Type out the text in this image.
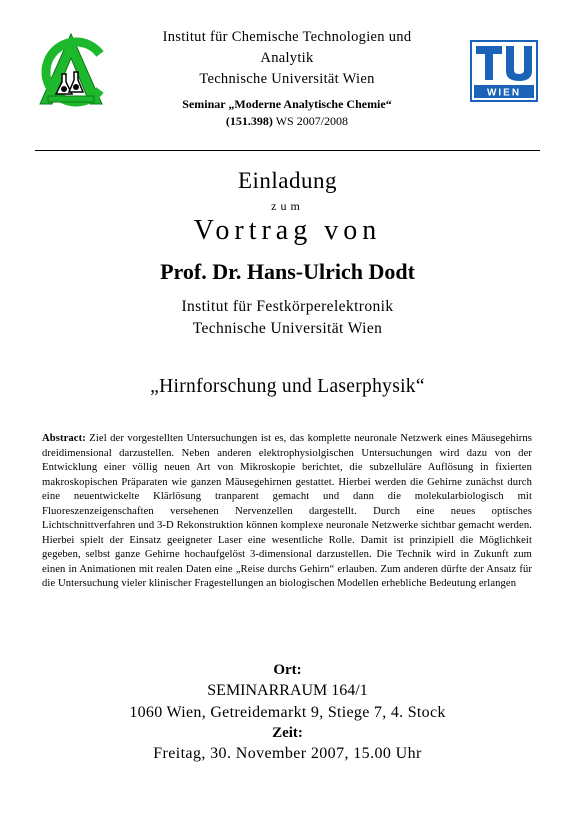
WIEN
Institut für Chemische Technologien und
Analytik
Technische Universität Wien
Seminar „Moderne Analytische Chemie“
(151.398) WS 2007/2008
Einladung
zum
Vortrag von
Prof. Dr. Hans-Ulrich Dodt
Institut für Festkörperelektronik
Technische Universität Wien
„Hirnforschung und Laserphysik“
Abstract: Ziel der vorgestellten Untersuchungen ist es, das komplette neuronale Netzwerk eines Mäusegehirns dreidimensional darzustellen. Neben anderen elektrophysiolgischen Untersuchungen wird dazu von der Entwicklung einer völlig neuen Art von Mikroskopie berichtet, die subzelluläre Auflösung in fixierten makroskopischen Präparaten wie ganzen Mäusegehirnen gestattet. Hierbei werden die Gehirne zunächst durch eine neuentwickelte Klärlösung tranparent gemacht und dann die molekularbiologisch mit Fluoreszenzeigenschaften versehenen Nervenzellen dargestellt. Durch eine neues optisches Lichtschnittverfahren und 3-D Rekonstruktion können komplexe neuronale Netzwerke sichtbar gemacht werden. Hierbei spielt der Einsatz geeigneter Laser eine wesentliche Rolle. Damit ist prinzipiell die Möglichkeit gegeben, selbst ganze Gehirne hochaufgelöst 3-dimensional darzustellen. Die Technik wird in Zukunft zum einen in Animationen mit realen Daten eine „Reise durchs Gehirn“ erlauben. Zum anderen dürfte der Ansatz für die Untersuchung vieler klinischer Fragestellungen an biologischen Modellen erhebliche Bedeutung erlangen
Ort:
SEMINARRAUM 164/1
1060 Wien, Getreidemarkt 9, Stiege 7, 4. Stock
Zeit:
Freitag, 30. November 2007, 15.00 Uhr
